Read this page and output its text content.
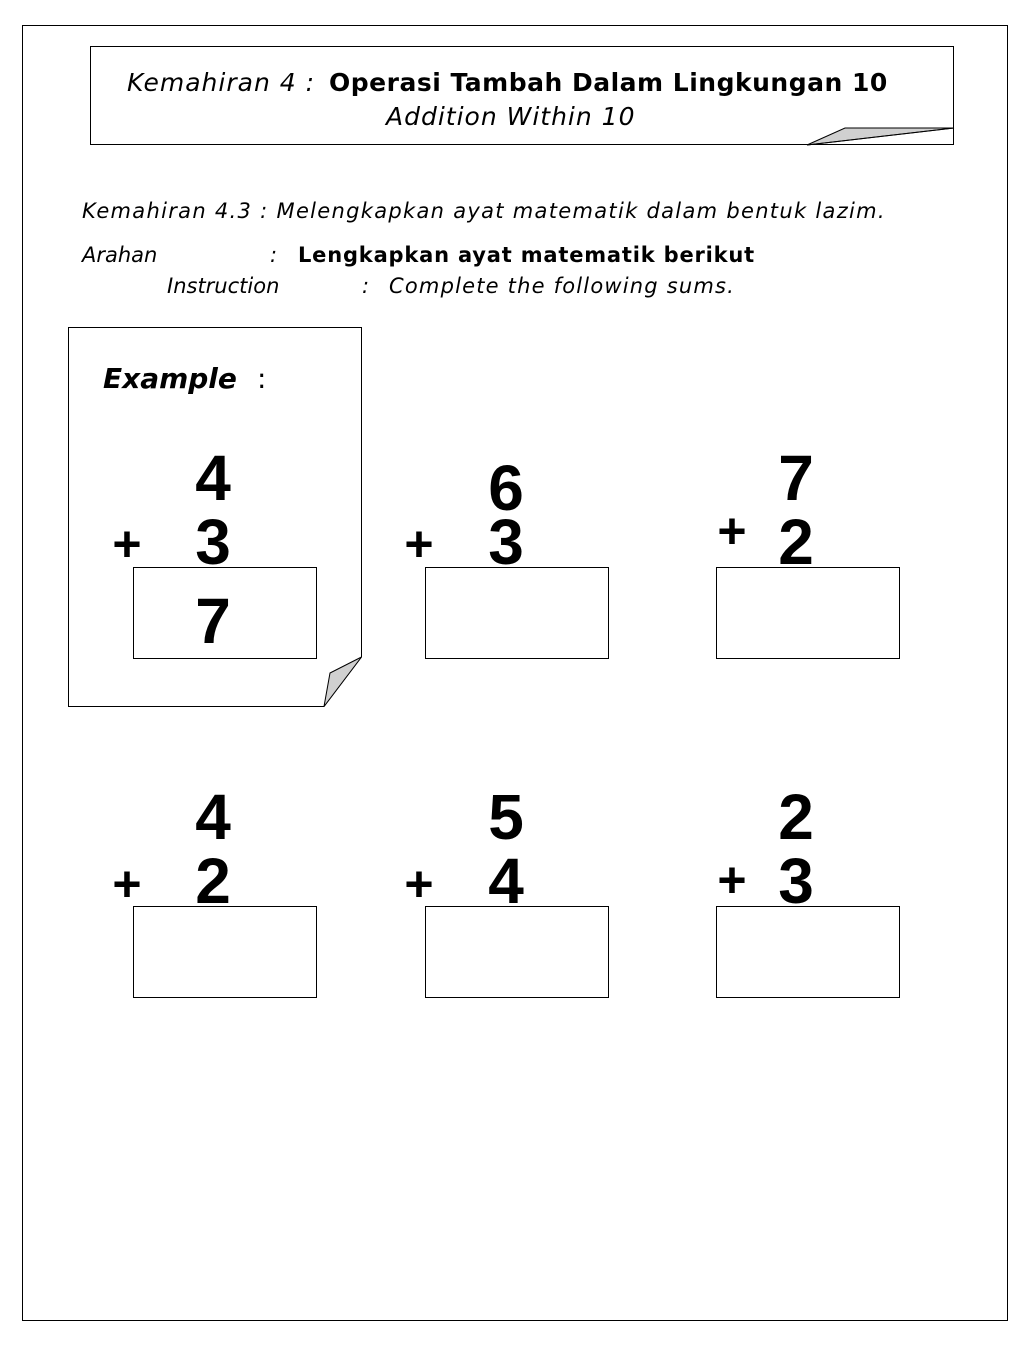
Kemahiran 4 : Operasi Tambah Dalam Lingkungan 10
Addition Within 10
Kemahiran 4.3 : Melengkapkan ayat matematik dalam bentuk lazim.
Arahan	: Lengkapkan ayat matematik berikut
Instruction	: Complete the following sums.
Example :
4
+ 3
7
6
+ 3
7
+ 2
4
+ 2
5
+ 4
2
+ 3
